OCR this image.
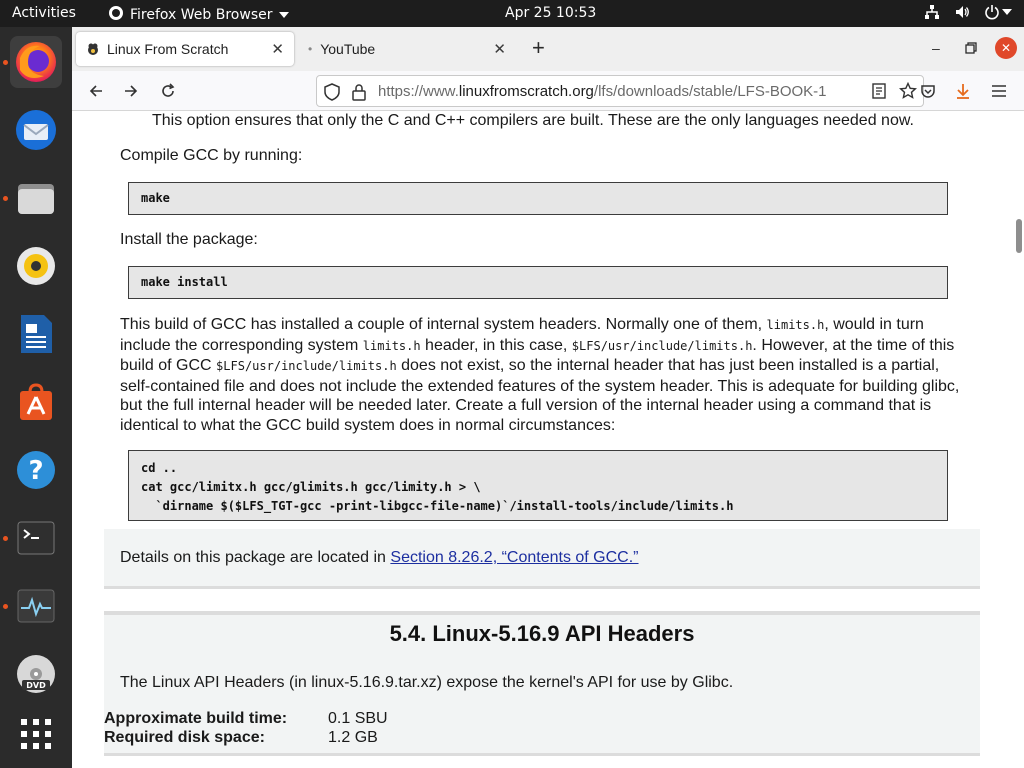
Activities	Firefox Web Browser	Apr 25 10:53
?
DVD
Linux From Scratch	✕ • YouTube	✕ +	–	✕
https://www.linuxfromscratch.org/lfs/downloads/stable/LFS-BOOK-1
This option ensures that only the C and C++ compilers are built. These are the only languages needed now.
Compile GCC by running:
make
Install the package:
make install
This build of GCC has installed a couple of internal system headers. Normally one of them, limits.h, would in turn
include the corresponding system limits.h header, in this case, $LFS/usr/include/limits.h. However, at the time of this
build of GCC $LFS/usr/include/limits.h does not exist, so the internal header that has just been installed is a partial,
self-contained file and does not include the extended features of the system header. This is adequate for building glibc,
but the full internal header will be needed later. Create a full version of the internal header using a command that is
identical to what the GCC build system does in normal circumstances:
cd ..
cat gcc/limitx.h gcc/glimits.h gcc/limity.h > \
`dirname $($LFS_TGT-gcc -print-libgcc-file-name)`/install-tools/include/limits.h
Details on this package are located in Section 8.26.2, “Contents of GCC.”
5.4. Linux-5.16.9 API Headers
The Linux API Headers (in linux-5.16.9.tar.xz) expose the kernel's API for use by Glibc.
Approximate build time:	0.1 SBU
Required disk space:	1.2 GB
